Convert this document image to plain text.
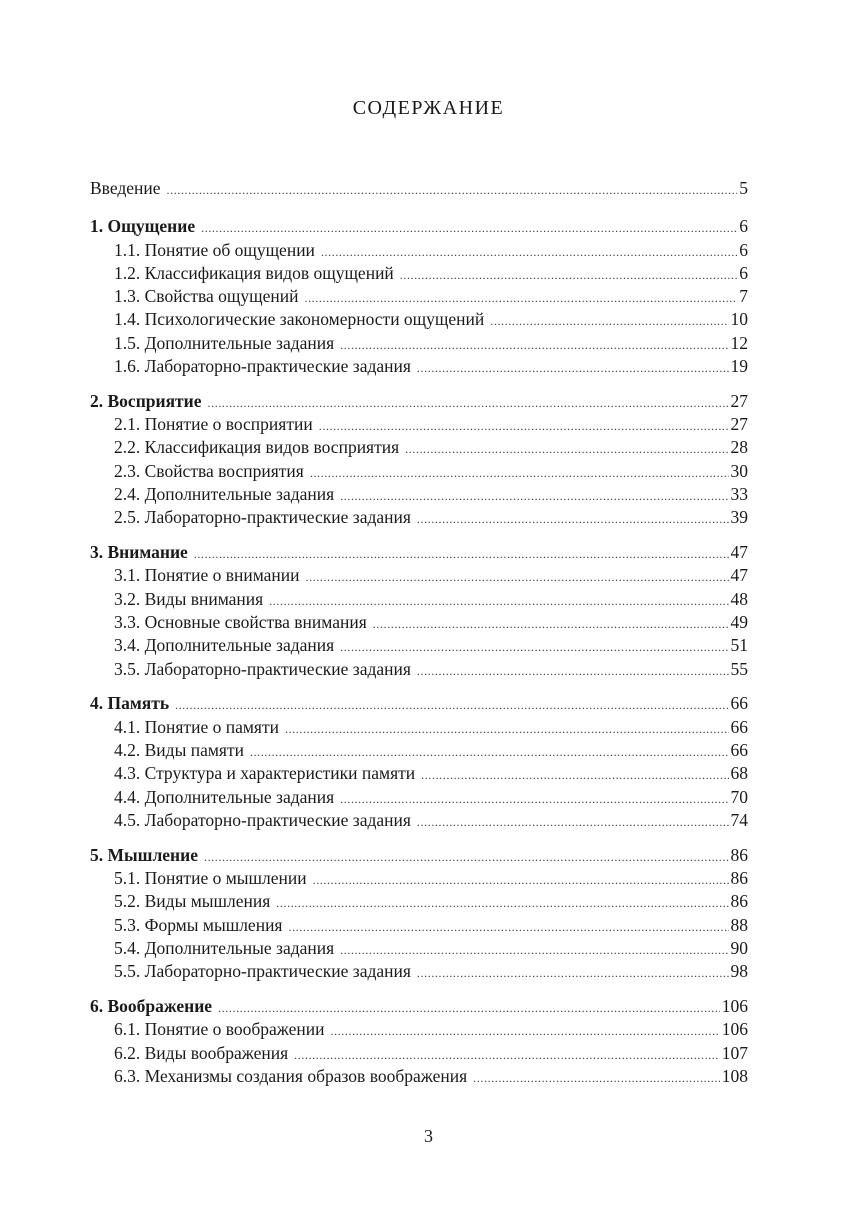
СОДЕРЖАНИЕ
Введение .....	5
1. Ощущение .....	6
1.1. Понятие об ощущении .....	6
1.2. Классификация видов ощущений .....	6
1.3. Свойства ощущений .....	7
1.4. Психологические закономерности ощущений .....	10
1.5. Дополнительные задания .....	12
1.6. Лабораторно-практические задания .....	19
2. Восприятие .....	27
2.1. Понятие о восприятии .....	27
2.2. Классификация видов восприятия .....	28
2.3. Свойства восприятия .....	30
2.4. Дополнительные задания .....	33
2.5. Лабораторно-практические задания .....	39
3. Внимание .....	47
3.1. Понятие о внимании .....	47
3.2. Виды внимания .....	48
3.3. Основные свойства внимания .....	49
3.4. Дополнительные задания .....	51
3.5. Лабораторно-практические задания .....	55
4. Память .....	66
4.1. Понятие о памяти .....	66
4.2. Виды памяти .....	66
4.3. Структура и характеристики памяти .....	68
4.4. Дополнительные задания .....	70
4.5. Лабораторно-практические задания .....	74
5. Мышление .....	86
5.1. Понятие о мышлении .....	86
5.2. Виды мышления .....	86
5.3. Формы мышления .....	88
5.4. Дополнительные задания .....	90
5.5. Лабораторно-практические задания .....	98
6. Воображение .....	106
6.1. Понятие о воображении .....	106
6.2. Виды воображения .....	107
6.3. Механизмы создания образов воображения .....	108
3
